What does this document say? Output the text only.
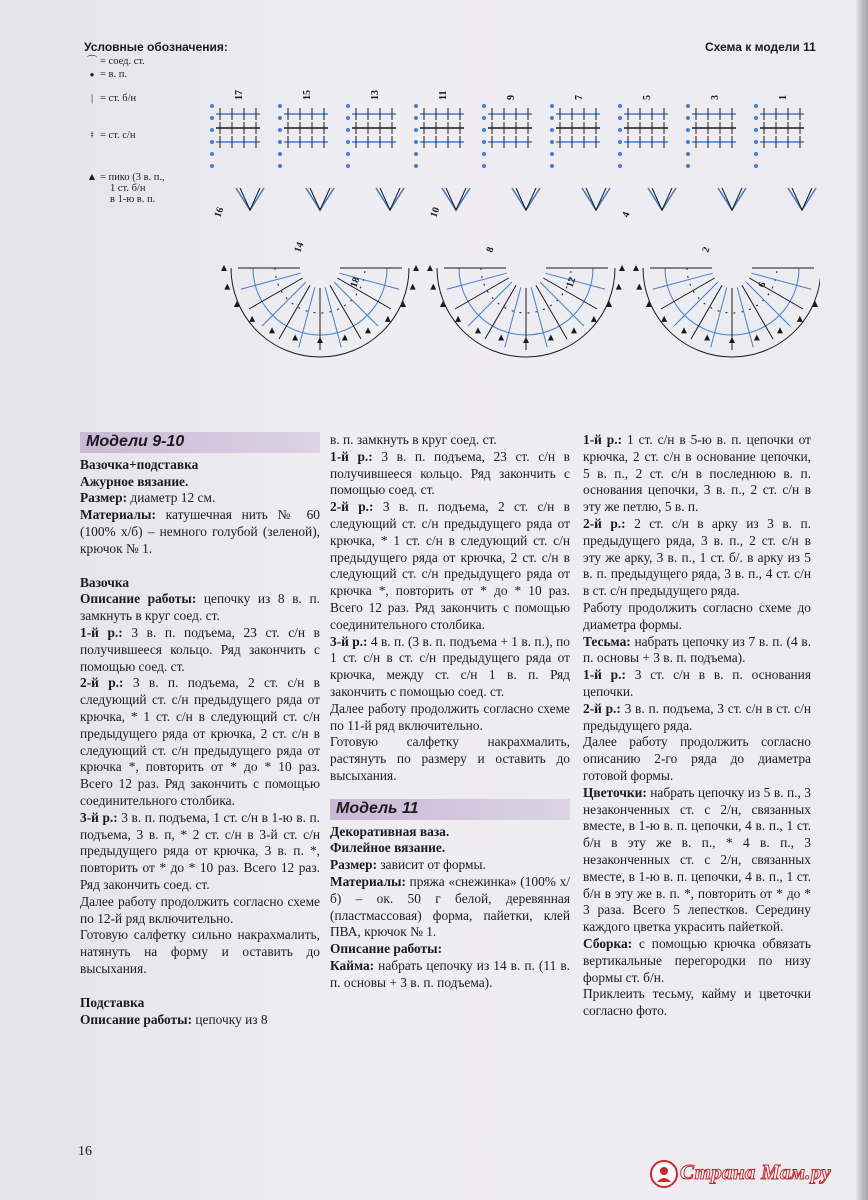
Условные обозначения:	Схема к модели 11
⌒ = соед. ст.
● = в. п.
| = ст. б/н
ǂ = ст. с/н
▲ = пико (3 в. п.,
1 ст. б/н
в 1-ю в. п.
17	15	13	11	9	7	5	3	1
16
14
18
10
8
12
4
2
6
Модели 9-10

Вазочка+подставка

Ажурное вязание.

Размер: диаметр 12 см.

Материалы: катушечная нить № 60 (100% х/б) – немного голубой (зеленой), крючок № 1.

Вазочка

Описание работы: цепочку из 8 в. п. замкнуть в круг соед. ст.

1-й р.: 3 в. п. подъема, 23 ст. с/н в получившееся кольцо. Ряд закончить с помощью соед. ст.

2-й р.: 3 в. п. подъема, 2 ст. с/н в следующий ст. с/н предыдущего ряда от крючка, * 1 ст. с/н в следующий ст. с/н предыдущего ряда от крючка, 2 ст. с/н в следующий ст. с/н предыдущего ряда от крючка *, повторить от * до * 10 раз. Всего 12 раз. Ряд закончить с помощью соединительного столбика.

3-й р.: 3 в. п. подъема, 1 ст. с/н в 1-ю в. п. подъема, 3 в. п, * 2 ст. с/н в 3-й ст. с/н предыдущего ряда от крючка, 3 в. п. *, повторить от * до * 10 раз. Всего 12 раз. Ряд закончить соед. ст.

Далее работу продолжить согласно схеме по 12-й ряд включительно.

Готовую салфетку сильно накрахмалить, натянуть на форму и оставить до высыхания.

Подставка

Описание работы: цепочку из 8

в. п. замкнуть в круг соед. ст.

1-й р.: 3 в. п. подъема, 23 ст. с/н в получившееся кольцо. Ряд закончить с помощью соед. ст.

2-й р.: 3 в. п. подъема, 2 ст. с/н в следующий ст. с/н предыдущего ряда от крючка, * 1 ст. с/н в следующий ст. с/н предыдущего ряда от крючка, 2 ст. с/н в следующий ст. с/н предыдущего ряда от крючка *, повторить от * до * 10 раз. Всего 12 раз. Ряд закончить с помощью соединительного столбика.

3-й р.: 4 в. п. (3 в. п. подъема + 1 в. п.), по 1 ст. с/н в ст. с/н предыдущего ряда от крючка, между ст. с/н 1 в. п. Ряд закончить с помощью соед. ст.

Далее работу продолжить согласно схеме по 11-й ряд включительно.

Готовую салфетку накрахмалить, растянуть по размеру и оставить до высыхания.

Модель 11

Декоративная ваза.

Филейное вязание.

Размер: зависит от формы.

Материалы: пряжа «снежинка» (100% х/б) – ок. 50 г белой, деревянная (пластмассовая) форма, пайетки, клей ПВА, крючок № 1.

Описание работы:

Кайма: набрать цепочку из 14 в. п. (11 в. п. основы + 3 в. п. подъема).

1-й р.: 1 ст. с/н в 5-ю в. п. цепочки от крючка, 2 ст. с/н в основание цепочки, 5 в. п., 2 ст. с/н в последнюю в. п. основания цепочки, 3 в. п., 2 ст. с/н в эту же петлю, 5 в. п.

2-й р.: 2 ст. с/н в арку из 3 в. п. предыдущего ряда, 3 в. п., 2 ст. с/н в эту же арку, 3 в. п., 1 ст. б/. в арку из 5 в. п. предыдущего ряда, 3 в. п., 4 ст. с/н в ст. с/н предыдущего ряда.

Работу продолжить согласно схеме до диаметра формы.

Тесьма: набрать цепочку из 7 в. п. (4 в. п. основы + 3 в. п. подъема).

1-й р.: 3 ст. с/н в в. п. основания цепочки.

2-й р.: 3 в. п. подъема, 3 ст. с/н в ст. с/н предыдущего ряда.

Далее работу продолжить согласно описанию 2-го ряда до диаметра готовой формы.

Цветочки: набрать цепочку из 5 в. п., 3 незаконченных ст. с 2/н, связанных вместе, в 1-ю в. п. цепочки, 4 в. п., 1 ст. б/н в эту же в. п., * 4 в. п., 3 незаконченных ст. с 2/н, связанных вместе, в 1-ю в. п. цепочки, 4 в. п., 1 ст. б/н в эту же в. п. *, повторить от * до * 3 раза. Всего 5 лепестков. Середину каждого цветка украсить пайеткой.

Сборка: с помощью крючка обвязать вертикальные перегородки по низу формы ст. б/н.

Приклеить тесьму, кайму и цветочки согласно фото.

16
Страна Мам.ру
